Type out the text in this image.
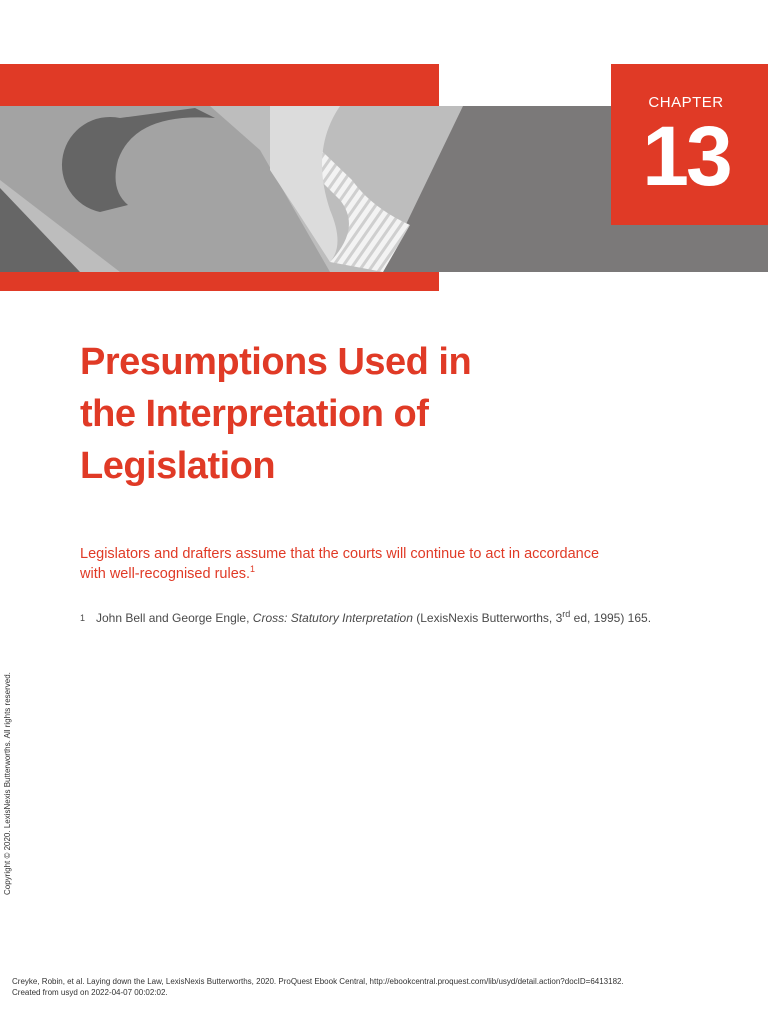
CHAPTER
13
Presumptions Used in
the Interpretation of
Legislation

Legislators and drafters assume that the courts will continue to act in accordance
with well-recognised rules.$^1$

1 John Bell and George Engle, Cross: Statutory Interpretation (LexisNexis Butterworths, 3rd ed, 1995) 165.

Copyright © 2020. LexisNexis Butterworths. All rights reserved.

Creyke, Robin, et al. Laying down the Law, LexisNexis Butterworths, 2020. ProQuest Ebook Central, http://ebookcentral.proquest.com/lib/usyd/detail.action?docID=6413182.
Created from usyd on 2022-04-07 00:02:02.
